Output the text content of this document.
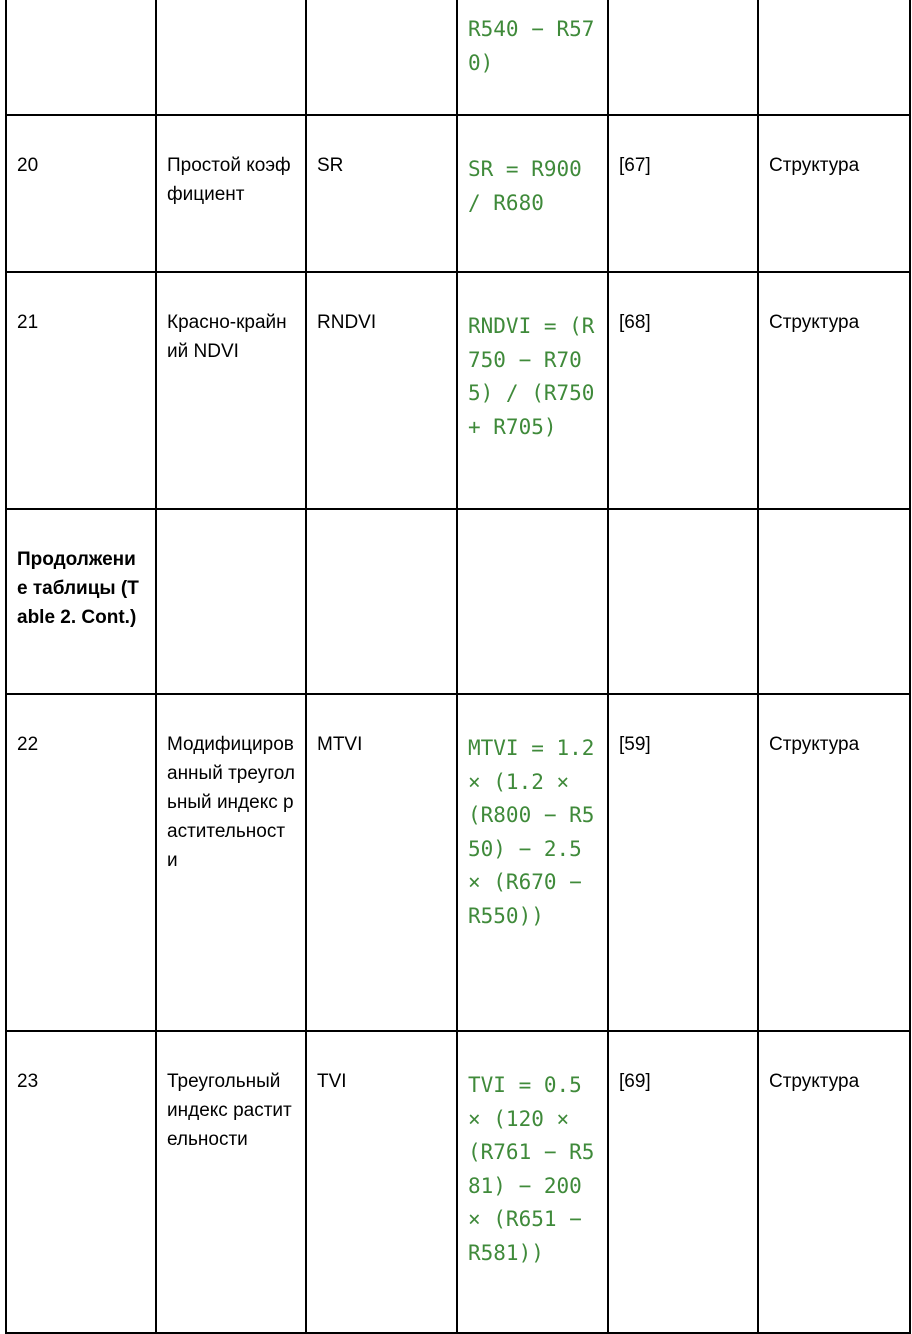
			R540 − R570)		

20	Простой коэффициент	SR	SR = R900 / R680	[67]	Структура

21	Красно-крайний NDVI	RNDVI	RNDVI = (R750 − R705) / (R750 + R705)	[68]	Структура

Продолжение таблицы (Table 2. Cont.)					

22	Модифицированный треугольный индекс растительности	MTVI	MTVI = 1.2 × (1.2 × (R800 − R550) − 2.5 × (R670 − R550))	[59]	Структура

23	Треугольный индекс растительности	TVI	TVI = 0.5 × (120 × (R761 − R581) − 200 × (R651 − R581))	[69]	Структура
